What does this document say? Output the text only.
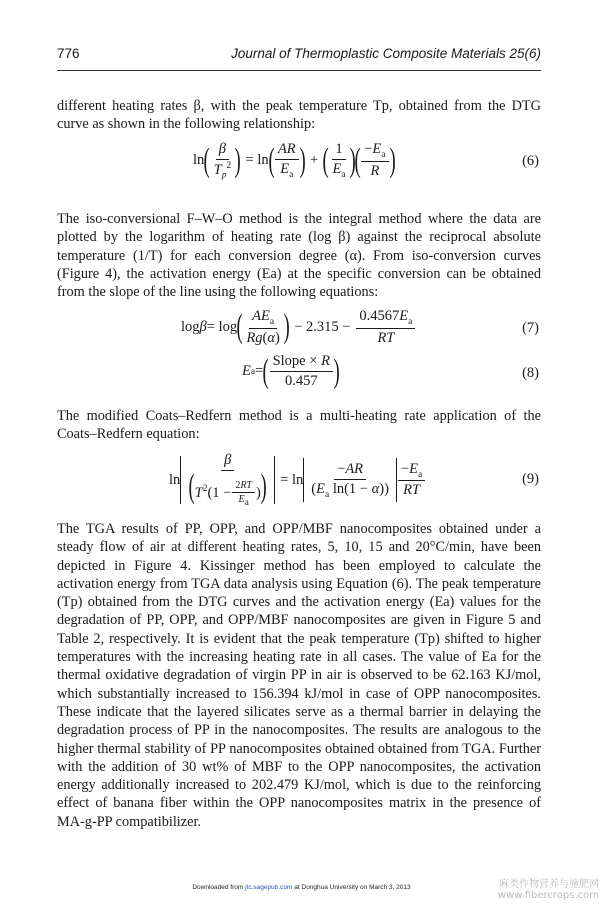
776	Journal of Thermoplastic Composite Materials 25(6)

different heating rates β, with the peak temperature Tp, obtained from the DTG curve as shown in the following relationship:

ln ( $\frac{\beta}{T_p^2}$ ) = ln ( $\frac{AR}{E_a}$ ) + ( $\frac{1}{E_a}$ ) ( $\frac{-E_a}{R}$ )	(6)

The iso-conversional F–W–O method is the integral method where the data are plotted by the logarithm of heating rate (log β) against the reciprocal absolute temperature (1/T) for each conversion degree (α). From iso-conversion curves (Figure 4), the activation energy (Ea) at the specific conversion can be obtained from the slope of the line using the following equations:

log β = log ( $\frac{AE_a}{Rg(\alpha)}$ ) − $2.315 - \frac{0.4567E_a}{RT}$	(7)
E a = ( $\frac{\text{Slope × R}}{0.457}$ )	(8)

The modified Coats–Redfern method is a multi-heating rate application of the Coats–Redfern equation:

$\ln \frac{\beta}{(T^2(1 - \frac{2RT}{E_a} ))} = \ln \frac{-AR}{(E_a \ln(1 - \alpha))} \frac{-E_a}{RT}$	(9)

The TGA results of PP, OPP, and OPP/MBF nanocomposites obtained under a steady flow of air at different heating rates, 5, 10, 15 and 20°C/min, have been depicted in Figure 4. Kissinger method has been employed to calculate the activation energy from TGA data analysis using Equation (6). The peak temperature (Tp) obtained from the DTG curves and the activation energy (Ea) values for the degradation of PP, OPP, and OPP/MBF nanocomposites are given in Figure 5 and Table 2, respectively. It is evident that the peak temperature (Tp) shifted to higher temperatures with the increasing heating rate in all cases. The value of Ea for the thermal oxidative degradation of virgin PP in air is observed to be 62.163 KJ/mol, which substantially increased to 156.394 kJ/mol in case of OPP nanocomposites. These indicate that the layered silicates serve as a thermal barrier in delaying the degradation process of PP in the nanocomposites. The results are analogous to the higher thermal stability of PP nanocomposites obtained obtained from TGA. Further with the addition of 30 wt% of MBF to the OPP nanocomposites, the activation energy additionally increased to 202.479 KJ/mol, which is due to the reinforcing effect of banana fiber within the OPP nanocomposites matrix in the presence of MA-g-PP compatibilizer.

Downloaded from jtc.sagepub.com at Donghua University on March 3, 2013	麻类作物营养与施肥网
www.fibercrops.com
